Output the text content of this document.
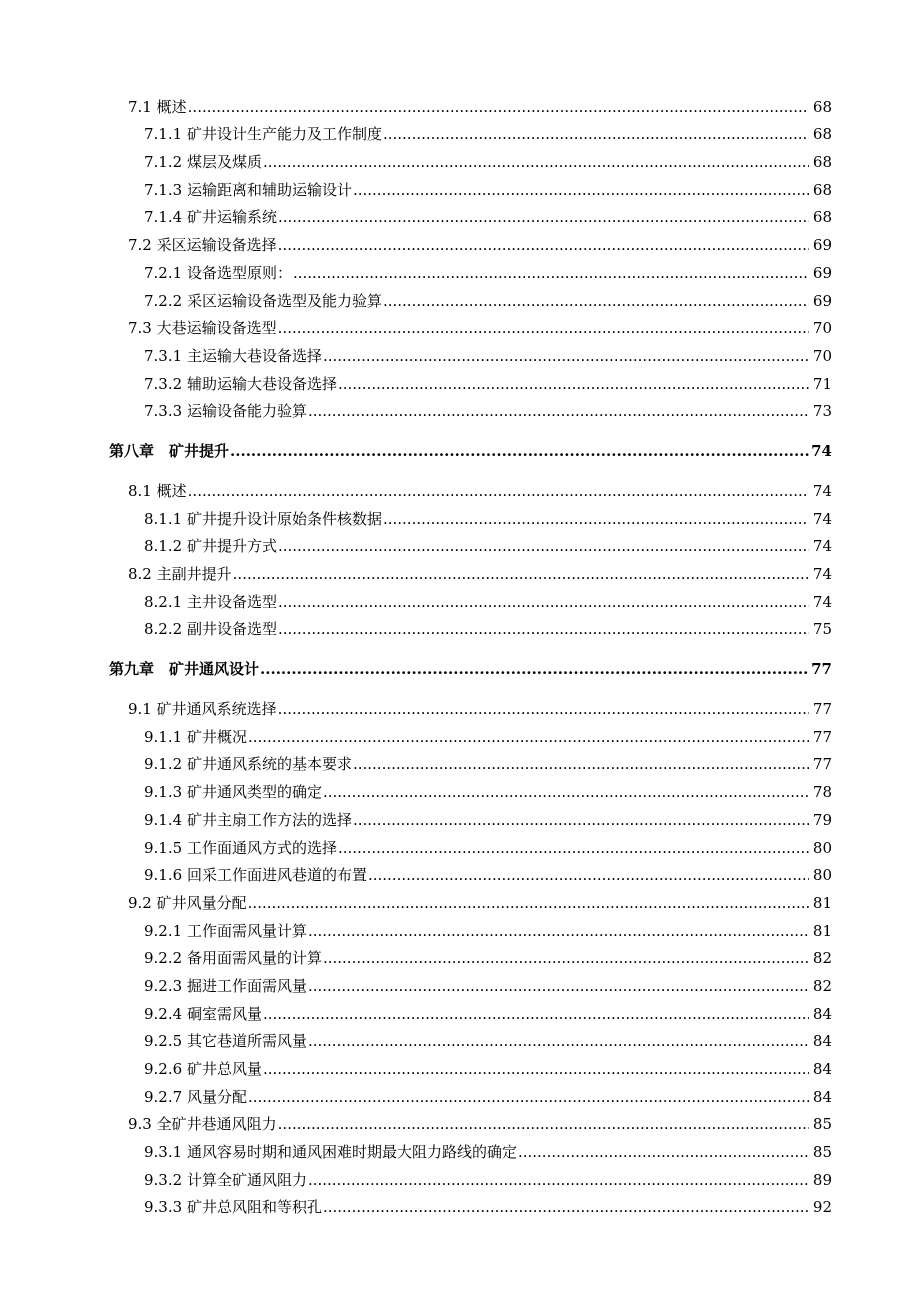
7.1 概述 .....	68
7.1.1 矿井设计生产能力及工作制度 .....	68
7.1.2 煤层及煤质 .....	68
7.1.3 运输距离和辅助运输设计 .....	68
7.1.4 矿井运输系统 .....	68
7.2 采区运输设备选择 .....	69
7.2.1 设备选型原则： .....	69
7.2.2 采区运输设备选型及能力验算 .....	69
7.3 大巷运输设备选型 .....	70
7.3.1 主运输大巷设备选择 .....	70
7.3.2 辅助运输大巷设备选择 .....	71
7.3.3 运输设备能力验算 .....	73
第八章  矿井提升 .....	74
8.1 概述 .....	74
8.1.1 矿井提升设计原始条件核数据 .....	74
8.1.2 矿井提升方式 .....	74
8.2 主副井提升 .....	74
8.2.1 主井设备选型 .....	74
8.2.2 副井设备选型 .....	75
第九章  矿井通风设计 .....	77
9.1 矿井通风系统选择 .....	77
9.1.1 矿井概况 .....	77
9.1.2 矿井通风系统的基本要求 .....	77
9.1.3 矿井通风类型的确定 .....	78
9.1.4 矿井主扇工作方法的选择 .....	79
9.1.5 工作面通风方式的选择 .....	80
9.1.6 回采工作面进风巷道的布置 .....	80
9.2 矿井风量分配 .....	81
9.2.1 工作面需风量计算 .....	81
9.2.2 备用面需风量的计算 .....	82
9.2.3 掘进工作面需风量 .....	82
9.2.4 硐室需风量 .....	84
9.2.5 其它巷道所需风量 .....	84
9.2.6 矿井总风量 .....	84
9.2.7 风量分配 .....	84
9.3 全矿井巷通风阻力 .....	85
9.3.1 通风容易时期和通风困难时期最大阻力路线的确定 .....	85
9.3.2 计算全矿通风阻力 .....	89
9.3.3 矿井总风阻和等积孔 .....	92
